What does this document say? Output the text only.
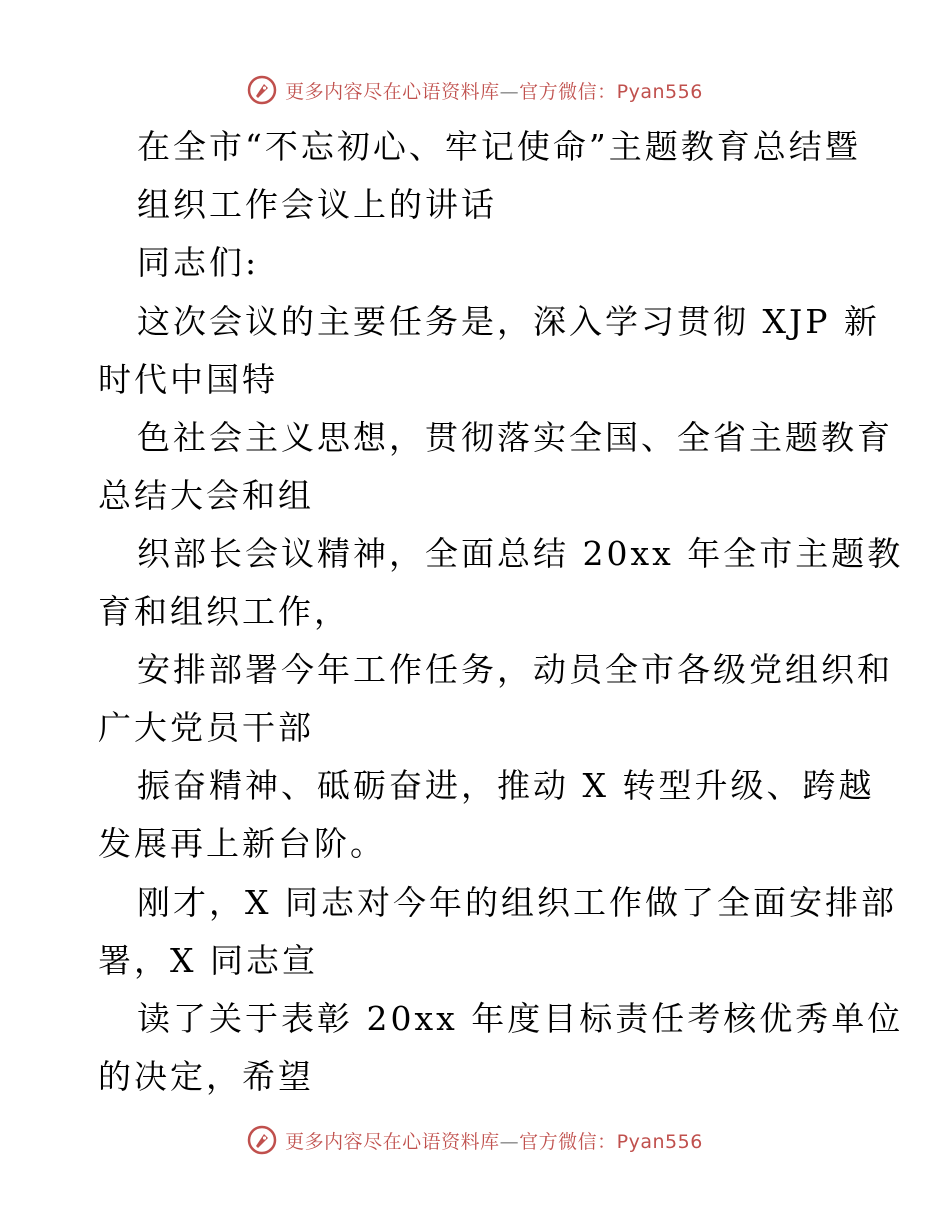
更多内容尽在心语资料库—官方微信：Pyan556
在全市“不忘初心、牢记使命”主题教育总结暨
组织工作会议上的讲话
同志们:
这次会议的主要任务是，深入学习贯彻 XJP 新
时代中国特
色社会主义思想，贯彻落实全国、全省主题教育
总结大会和组
织部长会议精神，全面总结 20xx 年全市主题教
育和组织工作，
安排部署今年工作任务，动员全市各级党组织和
广大党员干部
振奋精神、砥砺奋进，推动 X 转型升级、跨越
发展再上新台阶。
刚才，X 同志对今年的组织工作做了全面安排部
署，X 同志宣
读了关于表彰 20xx 年度目标责任考核优秀单位
的决定，希望
更多内容尽在心语资料库—官方微信：Pyan556
